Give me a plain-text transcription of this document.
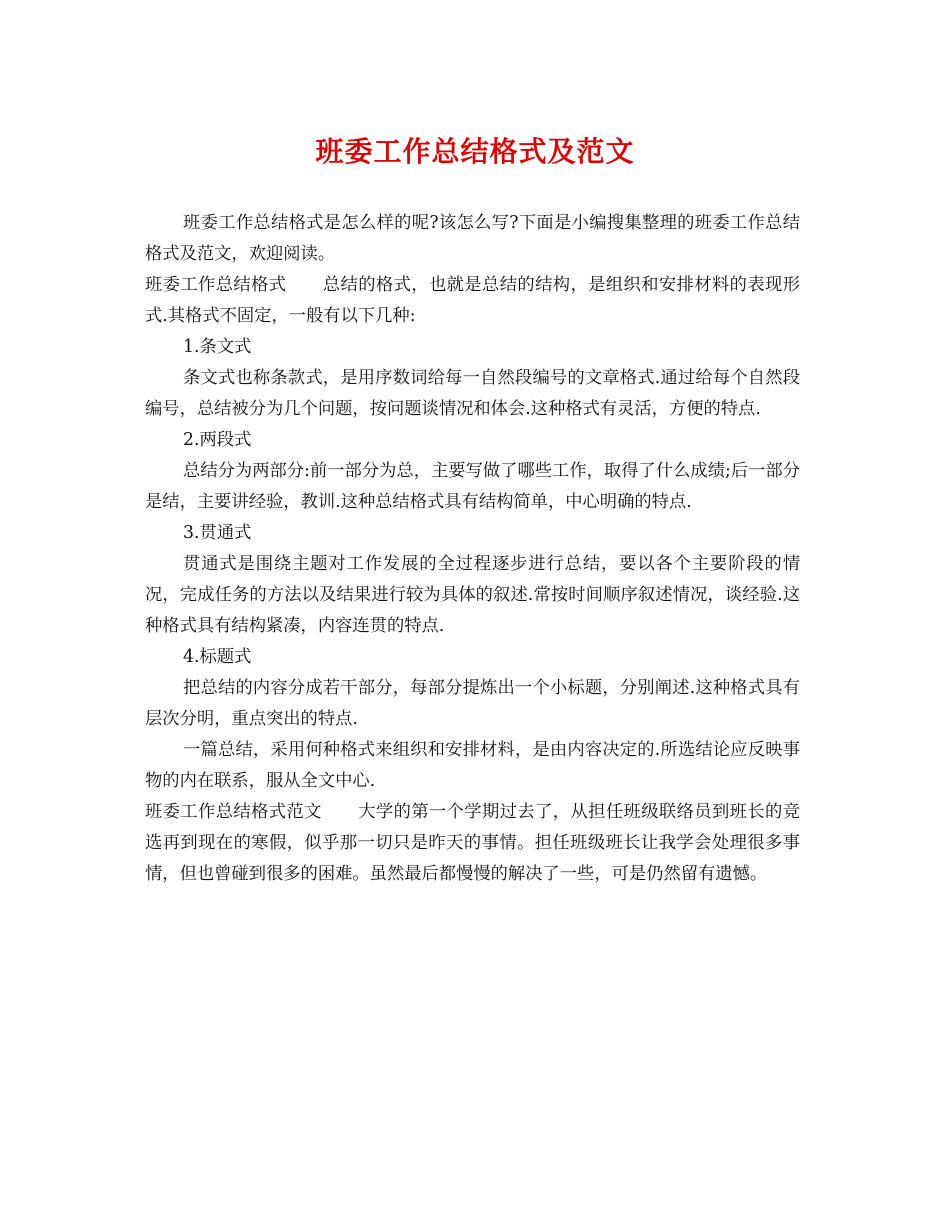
班委工作总结格式及范文

班委工作总结格式是怎么样的呢?该怎么写?下面是小编搜集整理的班委工作总结格式及范文，欢迎阅读。

班委工作总结格式 总结的格式，也就是总结的结构，是组织和安排材料的表现形式.其格式不固定，一般有以下几种:

1.条文式

条文式也称条款式，是用序数词给每一自然段编号的文章格式.通过给每个自然段编号，总结被分为几个问题，按问题谈情况和体会.这种格式有灵活，方便的特点.

2.两段式

总结分为两部分:前一部分为总，主要写做了哪些工作，取得了什么成绩;后一部分是结，主要讲经验，教训.这种总结格式具有结构简单，中心明确的特点.

3.贯通式

贯通式是围绕主题对工作发展的全过程逐步进行总结，要以各个主要阶段的情况，完成任务的方法以及结果进行较为具体的叙述.常按时间顺序叙述情况，谈经验.这种格式具有结构紧凑，内容连贯的特点.

4.标题式

把总结的内容分成若干部分，每部分提炼出一个小标题，分别阐述.这种格式具有层次分明，重点突出的特点.

一篇总结，采用何种格式来组织和安排材料，是由内容决定的.所选结论应反映事物的内在联系，服从全文中心.

班委工作总结格式范文 大学的第一个学期过去了，从担任班级联络员到班长的竞选再到现在的寒假，似乎那一切只是昨天的事情。担任班级班长让我学会处理很多事情，但也曾碰到很多的困难。虽然最后都慢慢的解决了一些，可是仍然留有遗憾。
